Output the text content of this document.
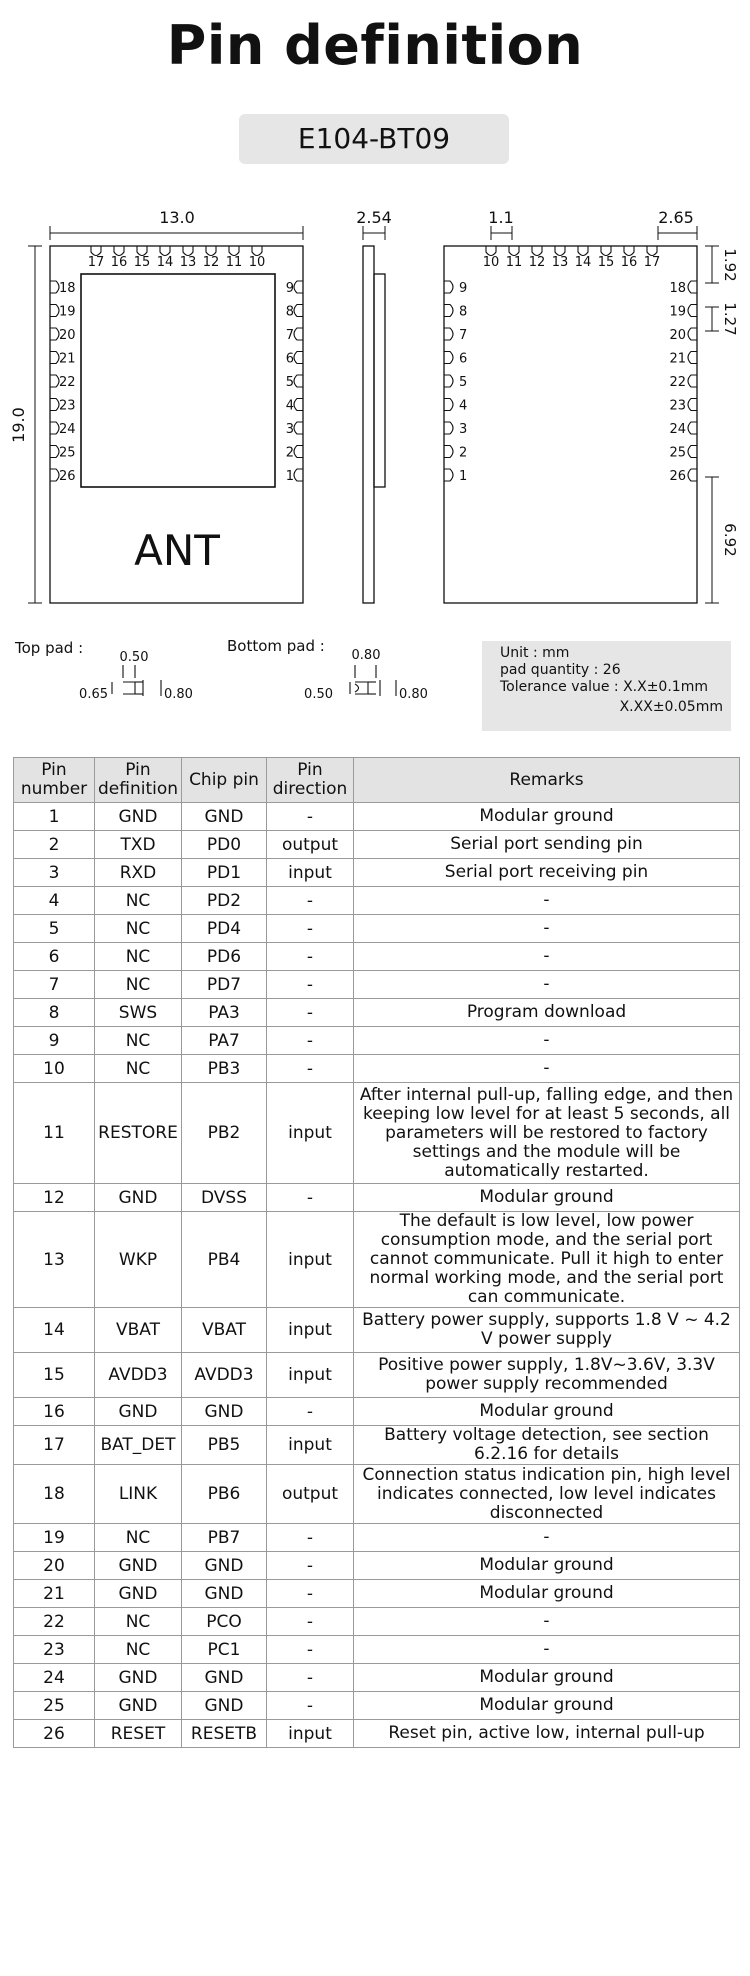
Pin definition
E104-BT09
17 16 15 14 13 12 11 10
18
19
20
21
22
23
24
25
26
9
8
7
6
5
4
3
2
1
13.0
19.0
ANT
2.54
10 11 12 13 14 15 16 17
9
8
7
6
5
4
3
2
1
18
19
20
21
22
23
24
25
26
1.1	2.65
1.92
1.27
6.92
Top pad :
0.50
0.65	0.80
Bottom pad :
0.80
0.50	0.80
Unit : mm
pad quantity : 26
Tolerance value : X.X±0.1mm
X.XX±0.05mm
Pin number	Pin definition	Chip pin	Pin direction	Remarks
1	GND	GND	-	Modular ground
2	TXD	PD0	output	Serial port sending pin
3	RXD	PD1	input	Serial port receiving pin
4	NC	PD2	-	-
5	NC	PD4	-	-
6	NC	PD6	-	-
7	NC	PD7	-	-
8	SWS	PA3	-	Program download
9	NC	PA7	-	-
10	NC	PB3	-	-
11	RESTORE	PB2	input	After internal pull-up, falling edge, and then keeping low level for at least 5 seconds, all parameters will be restored to factory settings and the module will be automatically restarted.
12	GND	DVSS	-	Modular ground
13	WKP	PB4	input	The default is low level, low power consumption mode, and the serial port cannot communicate. Pull it high to enter normal working mode, and the serial port can communicate.
14	VBAT	VBAT	input	Battery power supply, supports 1.8 V ~ 4.2 V power supply
15	AVDD3	AVDD3	input	Positive power supply, 1.8V~3.6V, 3.3V power supply recommended
16	GND	GND	-	Modular ground
17	BAT_DET	PB5	input	Battery voltage detection, see section 6.2.16 for details
18	LINK	PB6	output	Connection status indication pin, high level indicates connected, low level indicates disconnected
19	NC	PB7	-	-
20	GND	GND	-	Modular ground
21	GND	GND	-	Modular ground
22	NC	PCO	-	-
23	NC	PC1	-	-
24	GND	GND	-	Modular ground
25	GND	GND	-	Modular ground
26	RESET	RESETB	input	Reset pin, active low, internal pull-up
